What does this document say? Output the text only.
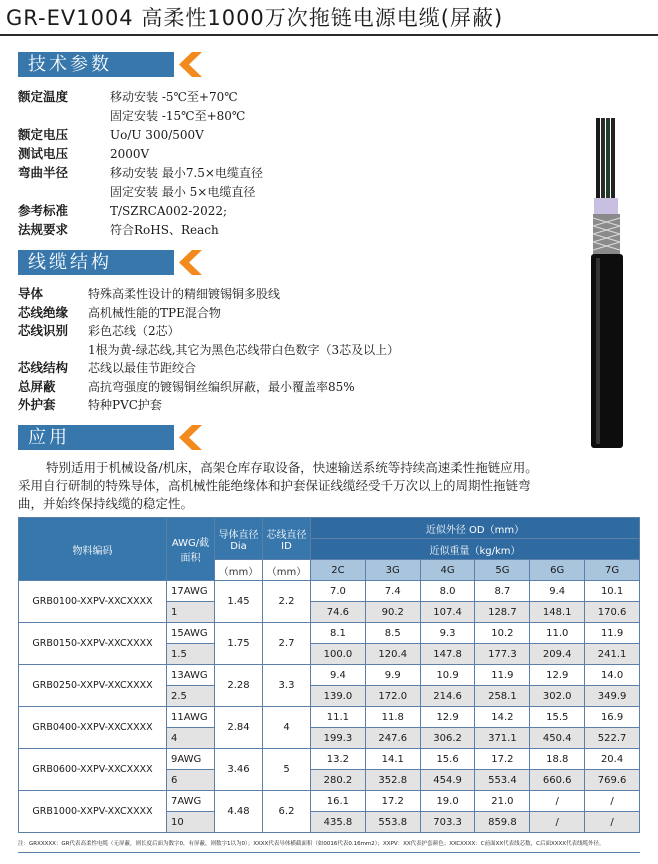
GR-EV1004 高柔性1000万次拖链电源电缆(屏蔽)
技术参数
额定温度	移动安装 -5℃至+70℃
固定安装 -15℃至+80℃
额定电压	Uo/U 300/500V
测试电压	2000V
弯曲半径	移动安装 最小7.5×电缆直径
固定安装 最小 5×电缆直径
参考标准	T/SZRCA002-2022;
法规要求	符合RoHS、Reach
线缆结构
导体	特殊高柔性设计的精细镀锡铜多股线
芯线绝缘 高机械性能的TPE混合物
芯线识别 彩色芯线（2芯）
1根为黄-绿芯线,其它为黑色芯线带白色数字（3芯及以上）
芯线结构 芯线以最佳节距绞合
总屏蔽	高抗弯强度的镀锡铜丝编织屏蔽，最小覆盖率85%
外护套	特种PVC护套
应用
特别适用于机械设备/机床，高架仓库存取设备，快速输送系统等持续高速柔性拖链应用。采用自行研制的特殊导体，高机械性能绝缘体和护套保证线缆经受千万次以上的周期性拖链弯曲，并始终保持线缆的稳定性。
物料编码	AWG/截面积	导体直径Dia	芯线直径ID	近似外径 OD（mm）					
				近似重量（kg/km）					
		（mm）	（mm）	2C	3G	4G	5G	6G	7G
GRB0100-XXPV-XXCXXXX	17AWG	1.45	2.2	7.0	7.4	8.0	8.7	9.4	10.1
	1			74.6	90.2	107.4	128.7	148.1	170.6
GRB0150-XXPV-XXCXXXX	15AWG	1.75	2.7	8.1	8.5	9.3	10.2	11.0	11.9
	1.5			100.0	120.4	147.8	177.3	209.4	241.1
GRB0250-XXPV-XXCXXXX	13AWG	2.28	3.3	9.4	9.9	10.9	11.9	12.9	14.0
	2.5			139.0	172.0	214.6	258.1	302.0	349.9
GRB0400-XXPV-XXCXXXX	11AWG	2.84	4	11.1	11.8	12.9	14.2	15.5	16.9
	4			199.3	247.6	306.2	371.1	450.4	522.7
GRB0600-XXPV-XXCXXXX	9AWG	3.46	5	13.2	14.1	15.6	17.2	18.8	20.4
	6			280.2	352.8	454.9	553.4	660.6	769.6
GRB1000-XXPV-XXCXXXX	7AWG	4.48	6.2	16.1	17.2	19.0	21.0	/	/
	10			435.8	553.8	703.3	859.8	/	/
注：GRXXXXX：GR代表高柔性电缆（无屏蔽，则长度后面为数字0，有屏蔽，则数字1以为0）；XXXX代表导体横截面积（如0016代表0.16mm2）；XXPV：XX代表护套颜色；XXCXXXX：C前面XX代表线芯数，C后面XXXX代表线缆外径。
